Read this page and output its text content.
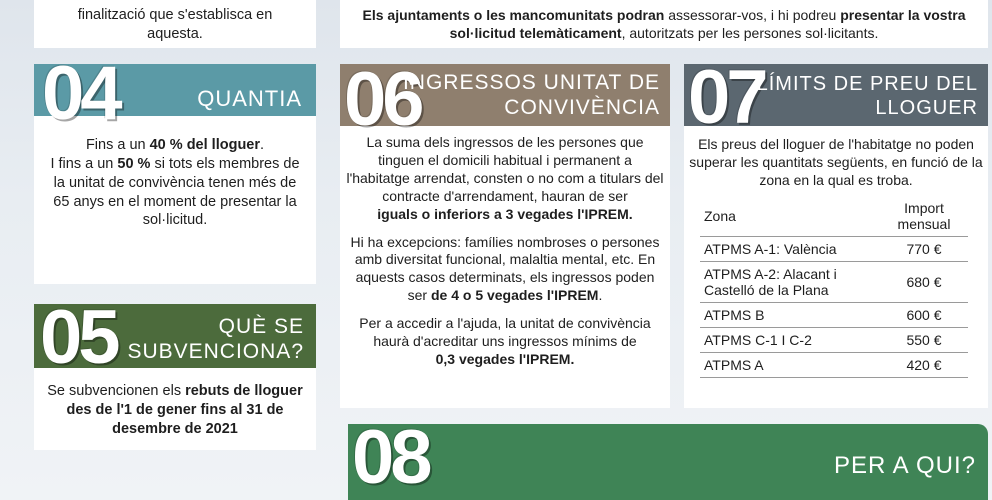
finalització que s'establisca en
aquesta.
Els ajuntaments o les mancomunitats podran assessorar-vos, i hi podreu presentar la vostra
sol·licitud telemàticament, autoritzats per les persones sol·licitants.
04	QUANTIA
Fins a un 40 % del lloguer.
I fins a un 50 % si tots els membres de la unitat de convivència tenen més de 65 anys en el moment de presentar la sol·licitud.
05	QUÈ SE
SUBVENCIONA?
Se subvencionen els rebuts de lloguer des de l'1 de gener fins al 31 de desembre de 2021
06
INGRESSOS UNITAT DE
CONVIVÈNCIA

La suma dels ingressos de les persones que tinguen el domicili habitual i permanent a l'habitatge arrendat, consten o no com a titulars del contracte d'arrendament, hauran de ser
iguals o inferiors a 3 vegades l'IPREM.

Hi ha excepcions: famílies nombroses o persones amb diversitat funcional, malaltia mental, etc. En aquests casos determinats, els ingressos poden ser de 4 o 5 vegades l'IPREM.

Per a accedir a l'ajuda, la unitat de convivència haurà d'acreditar uns ingressos mínims de
0,3 vegades l'IPREM.

07
LÍMITS DE PREU DEL
LLOGUER
Els preus del lloguer de l'habitatge no poden superar les quantitats següents, en funció de la zona en la qual es troba.
Zona	Import
mensual

ATPMS A-1: València	770 €
ATPMS A-2: Alacant i Castelló de la Plana	680 €
ATPMS B	600 €
ATPMS C-1 I C-2	550 €
ATPMS A	420 €
08	PER A QUI?
